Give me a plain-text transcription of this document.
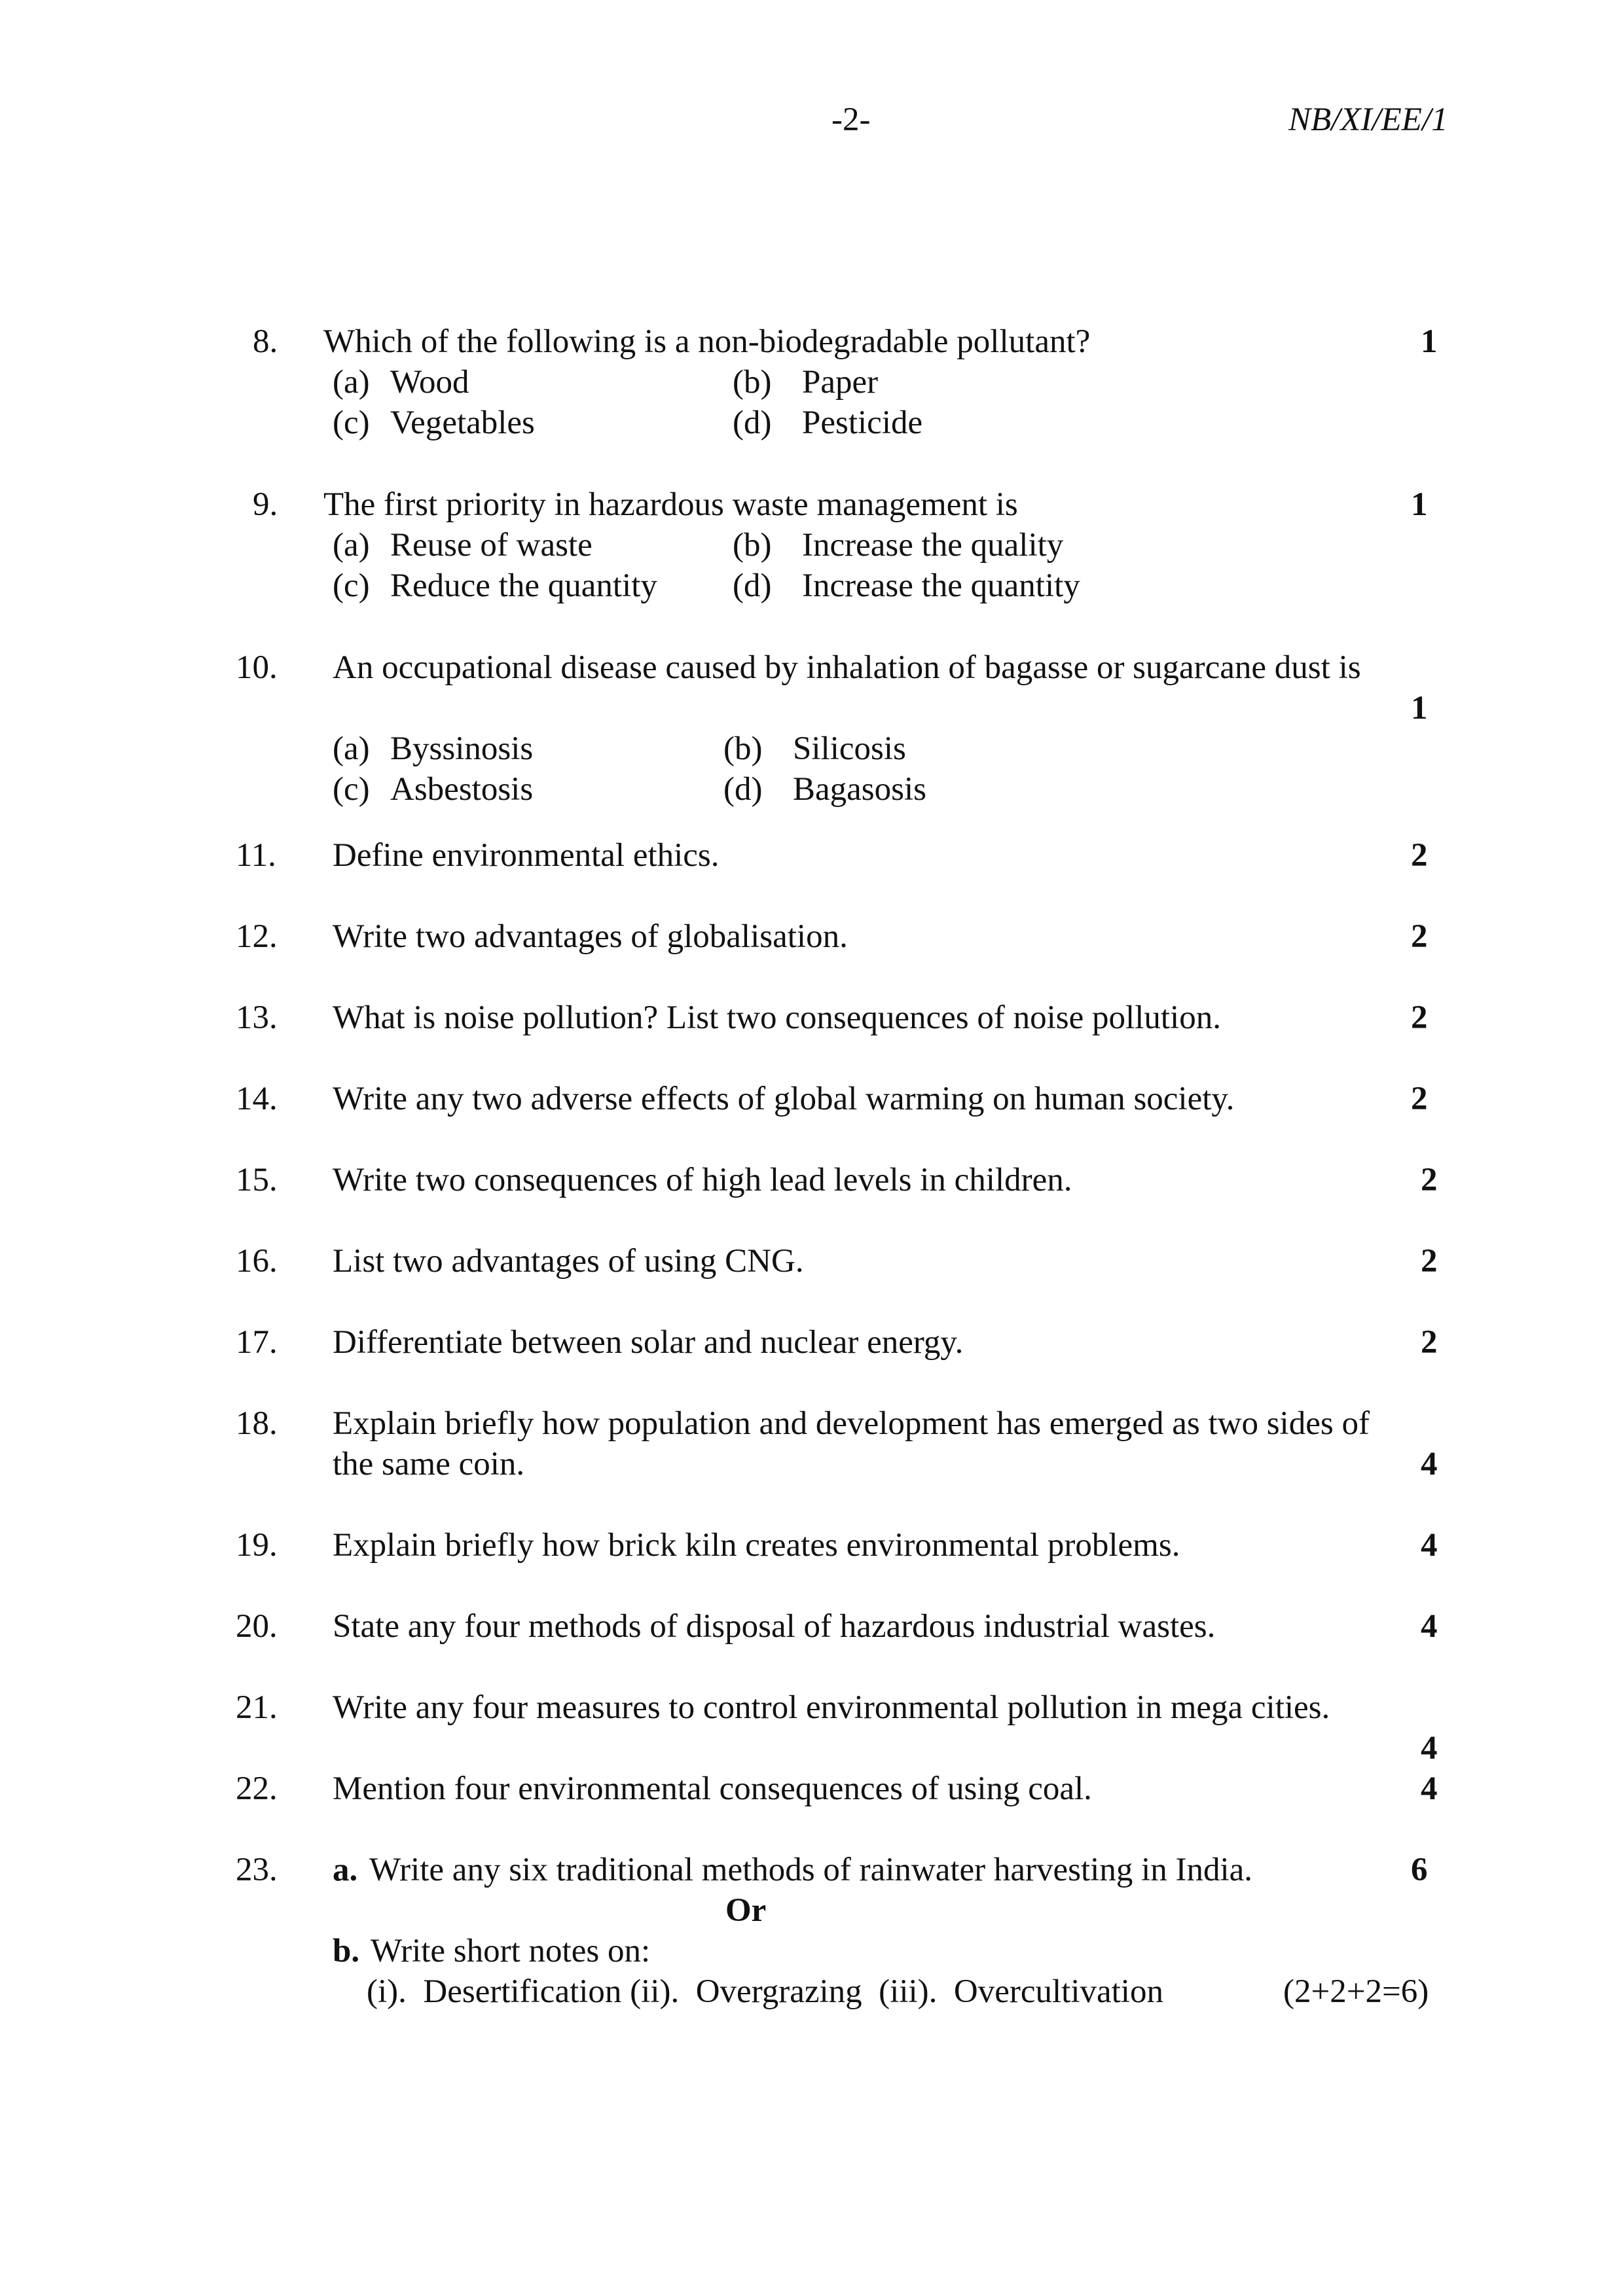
-2-	NB/XI/EE/1
8. Which of the following is a non-biodegradable pollutant?	1
(a) Wood	(b) Paper
(c) Vegetables	(d) Pesticide
9. The first priority in hazardous waste management is	1
(a) Reuse of waste	(b) Increase the quality
(c) Reduce the quantity (d) Increase the quantity
10. An occupational disease caused by inhalation of bagasse or sugarcane dust is
1
(a) Byssinosis	(b) Silicosis
(c) Asbestosis	(d) Bagasosis
11. Define environmental ethics.	2
12. Write two advantages of globalisation.	2
13. What is noise pollution? List two consequences of noise pollution.	2
14. Write any two adverse effects of global warming on human society.	2
15. Write two consequences of high lead levels in children.	2
16. List two advantages of using CNG.	2
17. Differentiate between solar and nuclear energy.	2
18. Explain briefly how population and development has emerged as two sides of
the same coin.	4
19. Explain briefly how brick kiln creates environmental problems.	4
20. State any four methods of disposal of hazardous industrial wastes.	4
21. Write any four measures to control environmental pollution in mega cities.
4
22. Mention four environmental consequences of using coal.	4
23. a. Write any six traditional methods of rainwater harvesting in India.	6
Or
b. Write short notes on:
(i).  Desertification (ii).  Overgrazing  (iii).  Overcultivation	(2+2+2=6)
